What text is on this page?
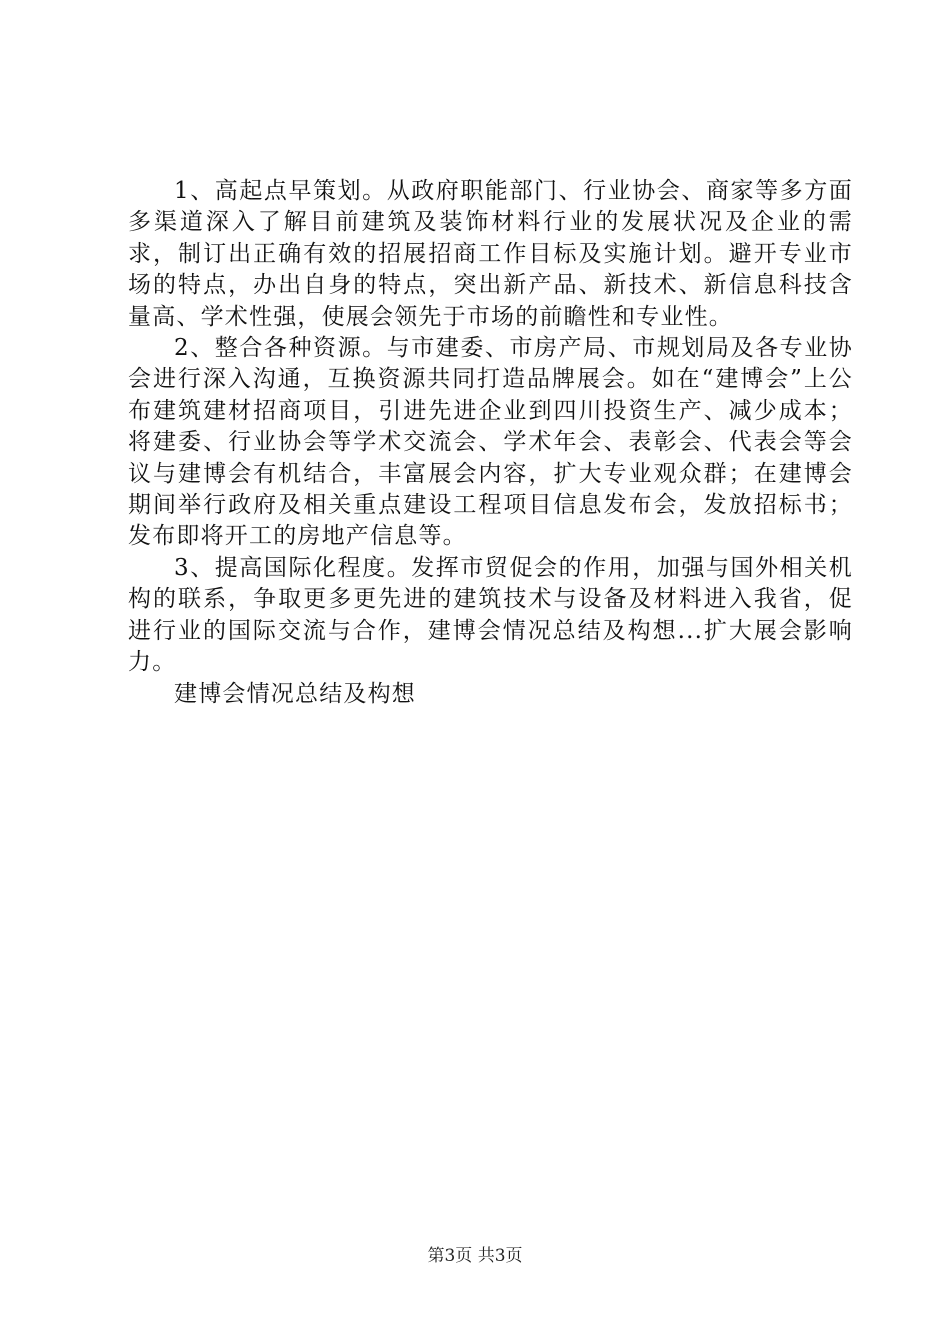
1、高起点早策划。从政府职能部门、行业协会、商家等多方面多渠道深入了解目前建筑及装饰材料行业的发展状况及企业的需求，制订出正确有效的招展招商工作目标及实施计划。避开专业市场的特点，办出自身的特点，突出新产品、新技术、新信息科技含量高、学术性强，使展会领先于市场的前瞻性和专业性。

2、整合各种资源。与市建委、市房产局、市规划局及各专业协会进行深入沟通，互换资源共同打造品牌展会。如在“建博会”上公布建筑建材招商项目，引进先进企业到四川投资生产、减少成本；将建委、行业协会等学术交流会、学术年会、表彰会、代表会等会议与建博会有机结合，丰富展会内容，扩大专业观众群；在建博会期间举行政府及相关重点建设工程项目信息发布会，发放招标书；发布即将开工的房地产信息等。

3、提高国际化程度。发挥市贸促会的作用，加强与国外相关机构的联系，争取更多更先进的建筑技术与设备及材料进入我省，促进行业的国际交流与合作，建博会情况总结及构想...扩大展会影响力。

建博会情况总结及构想

第3页 共3页
